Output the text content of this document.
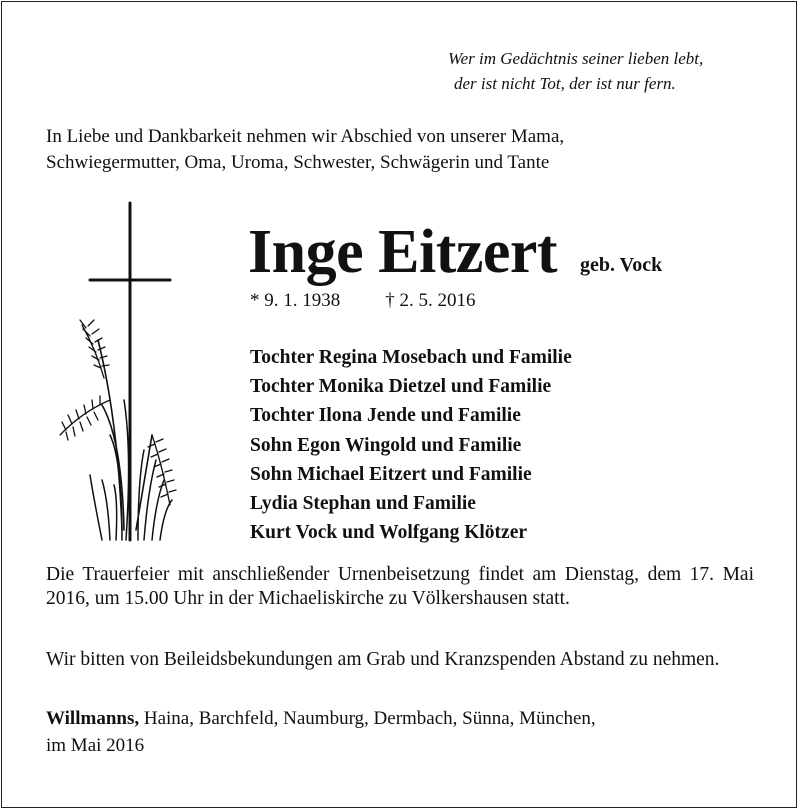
Wer im Gedächtnis seiner lieben lebt,
der ist nicht Tot, der ist nur fern.
In Liebe und Dankbarkeit nehmen wir Abschied von unserer Mama,
Schwiegermutter, Oma, Uroma, Schwester, Schwägerin und Tante
Inge Eitzert geb. Vock
* 9. 1. 1938 † 2. 5. 2016
Tochter Regina Mosebach und Familie
Tochter Monika Dietzel und Familie
Tochter Ilona Jende und Familie
Sohn Egon Wingold und Familie
Sohn Michael Eitzert und Familie
Lydia Stephan und Familie
Kurt Vock und Wolfgang Klötzer
Die Trauerfeier mit anschließender Urnenbeisetzung findet am Dienstag, dem 17. Mai 2016, um 15.00 Uhr in der Michaeliskirche zu Völkershausen statt.
Wir bitten von Beileidsbekundungen am Grab und Kranzspenden Abstand zu nehmen.
Willmanns, Haina, Barchfeld, Naumburg, Dermbach, Sünna, München,
im Mai 2016
